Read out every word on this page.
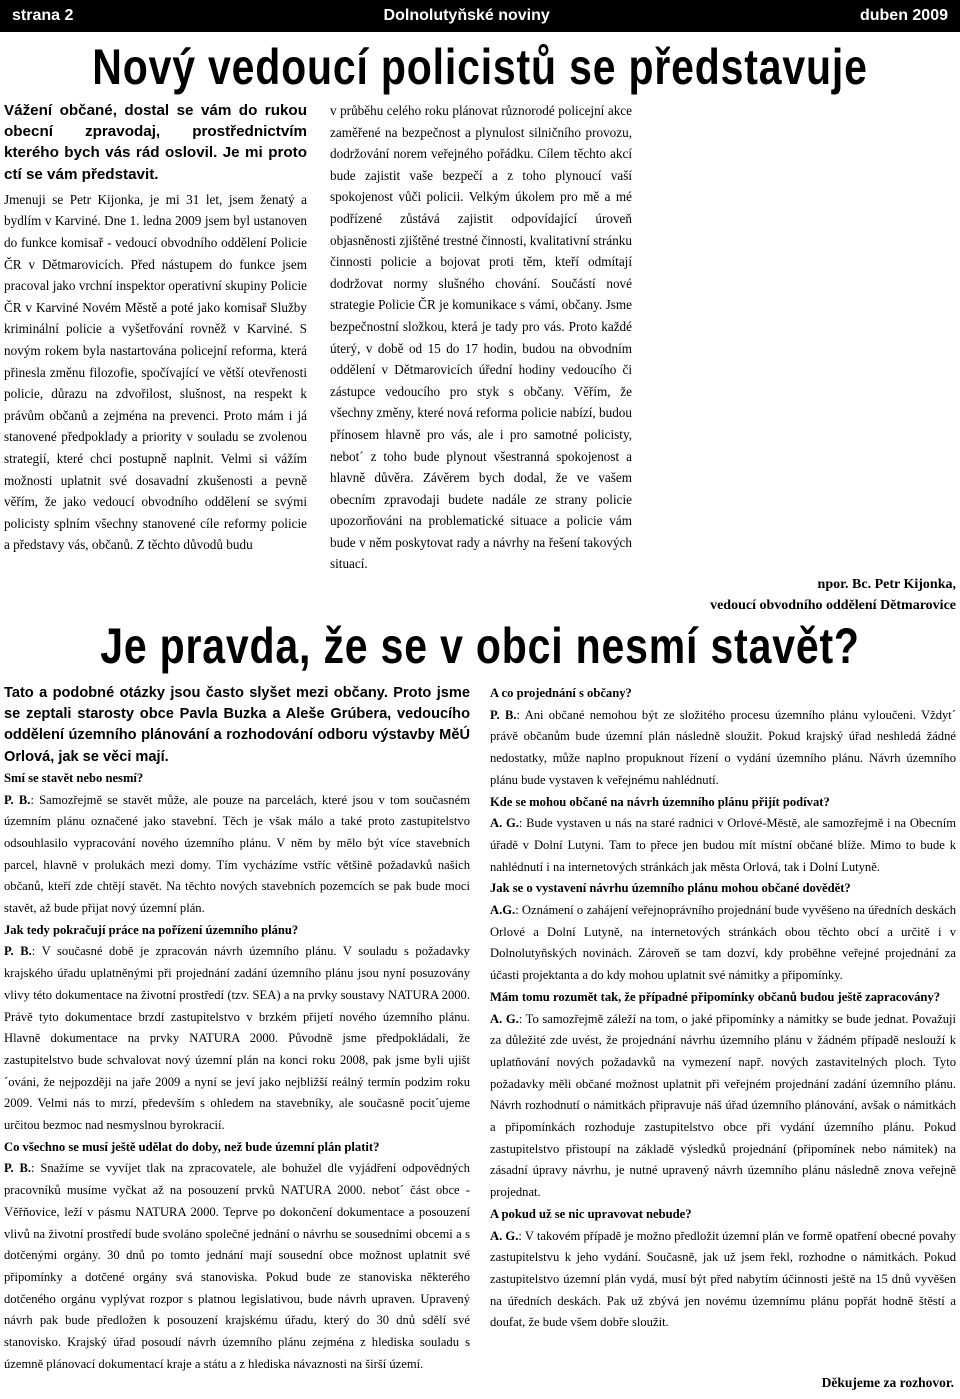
strana 2	Dolnolutyňské noviny	duben 2009
Nový vedoucí policistů se představuje

Vážení občané, dostal se vám do rukou obecní zpravodaj, prostřednictvím kterého bych vás rád oslovil. Je mi proto ctí se vám představit.

Jmenuji se Petr Kijonka, je mi 31 let, jsem ženatý a bydlím v Karviné. Dne 1. ledna 2009 jsem byl ustanoven do funkce komisař - vedoucí obvodního oddělení Policie ČR v Dětmarovicích. Před nástupem do funkce jsem pracoval jako vrchní inspektor operativní skupiny Policie ČR v Karviné Novém Městě a poté jako komisař Služby kriminální policie a vyšetřování rovněž v Karviné. S novým rokem byla nastartována policejní reforma, která přinesla změnu filozofie, spočívající ve větší otevřenosti policie, důrazu na zdvořilost, slušnost, na respekt k právům občanů a zejména na prevenci. Proto mám i já stanovené předpoklady a priority v souladu se zvolenou strategií, které chci postupně naplnit. Velmi si vážím možnosti uplatnit své dosavadní zkušenosti a pevně věřím, že jako vedoucí obvodního oddělení se svými policisty splním všechny stanovené cíle reformy policie a představy vás, občanů. Z těchto důvodů budu

v průběhu celého roku plánovat různorodé policejní akce zaměřené na bezpečnost a plynulost silničního provozu, dodržování norem veřejného pořádku. Cílem těchto akcí bude zajistit vaše bezpečí a z toho plynoucí vaší spokojenost vůči policii. Velkým úkolem pro mě a mé podřízené zůstává zajistit odpovídající úroveň objasněnosti zjištěné trestné činnosti, kvalitativní stránku činnosti policie a bojovat proti těm, kteří odmítají dodržovat normy slušného chování. Součástí nové strategie Policie ČR je komunikace s vámi, občany. Jsme bezpečnostní složkou, která je tady pro vás. Proto každé úterý, v době od 15 do 17 hodin, budou na obvodním oddělení v Dětmarovicích úřední hodiny vedoucího či zástupce vedoucího pro styk s občany. Věřím, že všechny změny, které nová reforma policie nabízí, budou přínosem hlavně pro vás, ale i pro samotné policisty, nebot´ z toho bude plynout všestranná spokojenost a hlavně důvěra. Závěrem bych dodal, že ve vašem obecním zpravodaji budete nadále ze strany policie upozorňováni na problematické situace a policie vám bude v něm poskytovat rady a návrhy na řešení takových situací.

npor. Bc. Petr Kijonka,
vedoucí obvodního oddělení Dětmarovice
Je pravda, že se v obci nesmí stavět?

Tato a podobné otázky jsou často slyšet mezi občany. Proto jsme se zeptali starosty obce Pavla Buzka a Aleše Grúbera, vedoucího oddělení územního plánování a rozhodování odboru výstavby MěÚ Orlová, jak se věci mají.

Smí se stavět nebo nesmí?

P. B.: Samozřejmě se stavět může, ale pouze na parcelách, které jsou v tom současném územním plánu označené jako stavební. Těch je však málo a také proto zastupitelstvo odsouhlasilo vypracování nového územního plánu. V něm by mělo být více stavebních parcel, hlavně v prolukách mezi domy. Tím vycházíme vstříc většině požadavků našich občanů, kteří zde chtějí stavět. Na těchto nových stavebních pozemcích se pak bude moci stavět, až bude přijat nový územní plán.

Jak tedy pokračují práce na pořízení územního plánu?

P. B.: V současné době je zpracován návrh územního plánu. V souladu s požadavky krajského úřadu uplatněnými při projednání zadání územního plánu jsou nyní posuzovány vlivy této dokumentace na životní prostředí (tzv. SEA) a na prvky soustavy NATURA 2000. Právě tyto dokumentace brzdí zastupitelstvo v brzkém přijetí nového územního plánu. Hlavně dokumentace na prvky NATURA 2000. Původně jsme předpokládali, že zastupitelstvo bude schvalovat nový územní plán na konci roku 2008, pak jsme byli ujišt´ováni, že nejpozději na jaře 2009 a nyní se jeví jako nejbližší reálný termín podzim roku 2009. Velmi nás to mrzí, především s ohledem na stavebníky, ale současně pocit´ujeme určitou bezmoc nad nesmyslnou byrokracií.

Co všechno se musí ještě udělat do doby, než bude územní plán platit?

P. B.: Snažíme se vyvíjet tlak na zpracovatele, ale bohužel dle vyjádření odpovědných pracovníků musíme vyčkat až na posouzení prvků NATURA 2000. nebot´ část obce - Věřňovice, leží v pásmu NATURA 2000. Teprve po dokončení dokumentace a posouzení vlivů na životní prostředí bude svoláno společné jednání o návrhu se sousedními obcemi a s dotčenými orgány. 30 dnů po tomto jednání mají sousední obce možnost uplatnit své připomínky a dotčené orgány svá stanoviska. Pokud bude ze stanoviska některého dotčeného orgánu vyplývat rozpor s platnou legislativou, bude návrh upraven. Upravený návrh pak bude předložen k posouzení krajskému úřadu, který do 30 dnů sdělí své stanovisko. Krajský úřad posoudí návrh územního plánu zejména z hlediska souladu s územně plánovací dokumentací kraje a státu a z hlediska návaznosti na širší území.

A co projednání s občany?

P. B.: Ani občané nemohou být ze složitého procesu územního plánu vyloučeni. Vždyt´ právě občanům bude územní plán následně sloužit. Pokud krajský úřad neshledá žádné nedostatky, může naplno propuknout řízení o vydání územního plánu. Návrh územního plánu bude vystaven k veřejnému nahlédnutí.

Kde se mohou občané na návrh územního plánu přijít podívat?

A. G.: Bude vystaven u nás na staré radnici v Orlové-Městě, ale samozřejmě i na Obecním úřadě v Dolní Lutyni. Tam to přece jen budou mít místní občané blíže. Mimo to bude k nahlédnutí i na internetových stránkách jak města Orlová, tak i Dolní Lutyně.

Jak se o vystavení návrhu územního plánu mohou občané dovědět?

A.G.: Oznámení o zahájení veřejnoprávního projednání bude vyvěšeno na úředních deskách Orlové a Dolní Lutyně, na internetových stránkách obou těchto obcí a určitě i v Dolnolutyňských novinách. Zároveň se tam dozví, kdy proběhne veřejné projednání za účasti projektanta a do kdy mohou uplatnit své námitky a připomínky.

Mám tomu rozumět tak, že případné připomínky občanů budou ještě zapracovány?

A. G.: To samozřejmě záleží na tom, o jaké připomínky a námitky se bude jednat. Považuji za důležité zde uvést, že projednání návrhu územního plánu v žádném případě neslouží k uplatňování nových požadavků na vymezení např. nových zastavitelných ploch. Tyto požadavky měli občané možnost uplatnit při veřejném projednání zadání územního plánu. Návrh rozhodnutí o námitkách připravuje náš úřad územního plánování, avšak o námitkách a připomínkách rozhoduje zastupitelstvo obce při vydání územního plánu. Pokud zastupitelstvo přistoupí na základě výsledků projednání (připomínek nebo námitek) na zásadní úpravy návrhu, je nutné upravený návrh územního plánu následně znova veřejně projednat.

A pokud už se nic upravovat nebude?

A. G.: V takovém případě je možno předložit územní plán ve formě opatření obecné povahy zastupitelstvu k jeho vydání. Současně, jak už jsem řekl, rozhodne o námitkách. Pokud zastupitelstvo územní plán vydá, musí být před nabytím účinnosti ještě na 15 dnů vyvěšen na úředních deskách. Pak už zbývá jen novému územnímu plánu popřát hodně štěstí a doufat, že bude všem dobře sloužit.

Děkujeme za rozhovor.
